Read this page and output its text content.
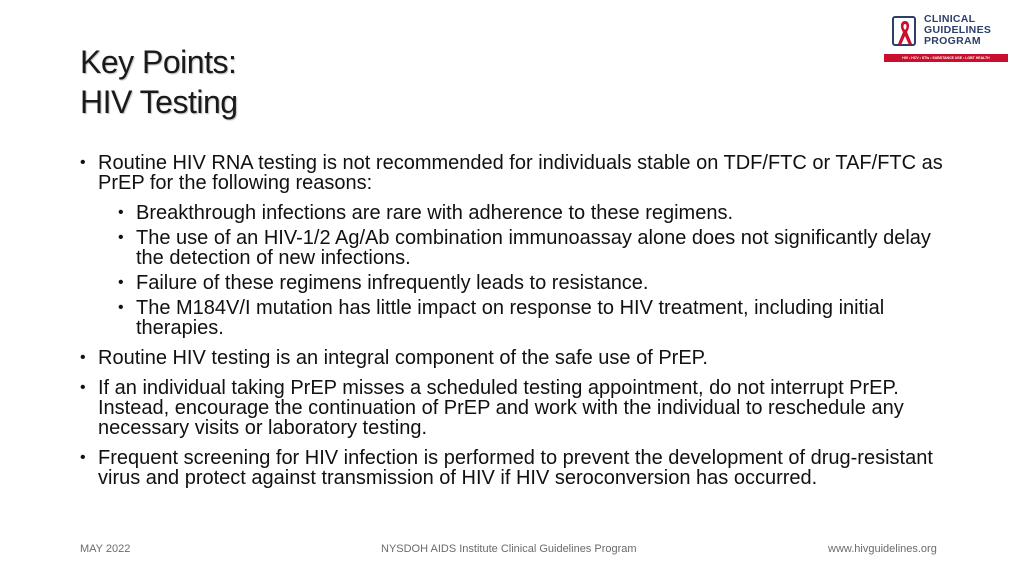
Key Points:
HIV Testing
CLINICAL
GUIDELINES
PROGRAM
HIV • HCV • STIs • SUBSTANCE USE • LGBT HEALTH
• Routine HIV RNA testing is not recommended for individuals stable on TDF/FTC or TAF/FTC as PrEP for the following reasons:
• Breakthrough infections are rare with adherence to these regimens.
• The use of an HIV-1/2 Ag/Ab combination immunoassay alone does not significantly delay the detection of new infections.
• Failure of these regimens infrequently leads to resistance.
• The M184V/I mutation has little impact on response to HIV treatment, including initial therapies.
• Routine HIV testing is an integral component of the safe use of PrEP.
• If an individual taking PrEP misses a scheduled testing appointment, do not interrupt PrEP. Instead, encourage the continuation of PrEP and work with the individual to reschedule any necessary visits or laboratory testing.
• Frequent screening for HIV infection is performed to prevent the development of drug-resistant virus and protect against transmission of HIV if HIV seroconversion has occurred.
MAY 2022	NYSDOH AIDS Institute Clinical Guidelines Program	www.hivguidelines.org
